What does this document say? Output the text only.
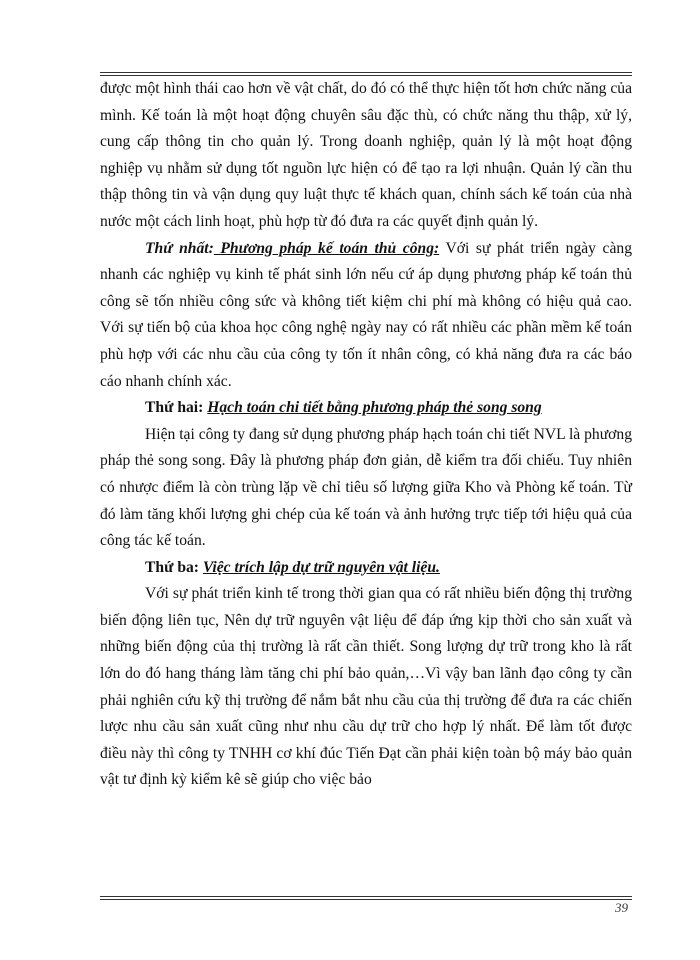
được một hình thái cao hơn về vật chất, do đó có thể thực hiện tốt hơn chức năng của mình. Kế toán là một hoạt động chuyên sâu đặc thù, có chức năng thu thập, xử lý, cung cấp thông tin cho quản lý. Trong doanh nghiệp, quản lý là một hoạt động nghiệp vụ nhằm sử dụng tốt nguồn lực hiện có để tạo ra lợi nhuận. Quản lý cần thu thập thông tin và vận dụng quy luật thực tế khách quan, chính sách kế toán của nhà nước một cách linh hoạt, phù hợp từ đó đưa ra các quyết định quản lý.

Thứ nhất: Phương pháp kế toán thủ công: Với sự phát triển ngày càng nhanh các nghiệp vụ kinh tế phát sinh lớn nếu cứ áp dụng phương pháp kế toán thủ công sẽ tốn nhiều công sức và không tiết kiệm chi phí mà không có hiệu quả cao. Với sự tiến bộ của khoa học công nghệ ngày nay có rất nhiều các phần mềm kế toán phù hợp với các nhu cầu của công ty tốn ít nhân công, có khả năng đưa ra các báo cáo nhanh chính xác.

Thứ hai: Hạch toán chi tiết bằng phương pháp thẻ song song

Hiện tại công ty đang sử dụng phương pháp hạch toán chi tiết NVL là phương pháp thẻ song song. Đây là phương pháp đơn giản, dễ kiểm tra đối chiếu. Tuy nhiên có nhược điểm là còn trùng lặp về chỉ tiêu số lượng giữa Kho và Phòng kế toán. Từ đó làm tăng khối lượng ghi chép của kế toán và ảnh hưởng trực tiếp tới hiệu quả của công tác kế toán.

Thứ ba: Việc trích lập dự trữ nguyên vật liệu.

Với sự phát triển kinh tế trong thời gian qua có rất nhiều biến động thị trường biến động liên tục, Nên dự trữ nguyên vật liệu để đáp ứng kịp thời cho sản xuất và những biến động của thị trường là rất cần thiết. Song lượng dự trữ trong kho là rất lớn do đó hang tháng làm tăng chi phí bảo quản,…Vì vậy ban lãnh đạo công ty cần phải nghiên cứu kỹ thị trường để nắm bắt nhu cầu của thị trường để đưa ra các chiến lược nhu cầu sản xuất cũng như nhu cầu dự trữ cho hợp lý nhất. Để làm tốt được điều này thì công ty TNHH cơ khí đúc Tiến Đạt cần phải kiện toàn bộ máy bảo quản vật tư định kỳ kiểm kê sẽ giúp cho việc bảo

39
